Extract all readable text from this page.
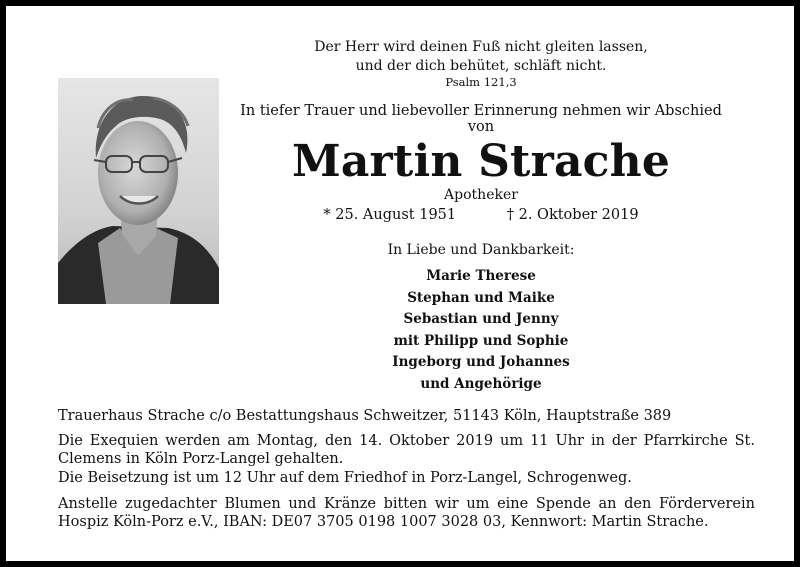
Der Herr wird deinen Fuß nicht gleiten lassen,
und der dich behütet, schläft nicht.
Psalm 121,3
In tiefer Trauer und liebevoller Erinnerung nehmen wir Abschied von
Martin Strache
Apotheker
* 25. August 1951	† 2. Oktober 2019
In Liebe und Dankbarkeit:
Marie Therese
Stephan und Maike
Sebastian und Jenny
mit Philipp und Sophie
Ingeborg und Johannes
und Angehörige
Trauerhaus Strache c/o Bestattungshaus Schweitzer, 51143 Köln, Hauptstraße 389
Die Exequien werden am Montag, den 14. Oktober 2019 um 11 Uhr in der Pfarrkirche St. Clemens in Köln Porz-Langel gehalten.
Die Beisetzung ist um 12 Uhr auf dem Friedhof in Porz-Langel, Schrogenweg.
Anstelle zugedachter Blumen und Kränze bitten wir um eine Spende an den Förderverein Hospiz Köln-Porz e.V., IBAN: DE07 3705 0198 1007 3028 03, Kennwort: Martin Strache.
